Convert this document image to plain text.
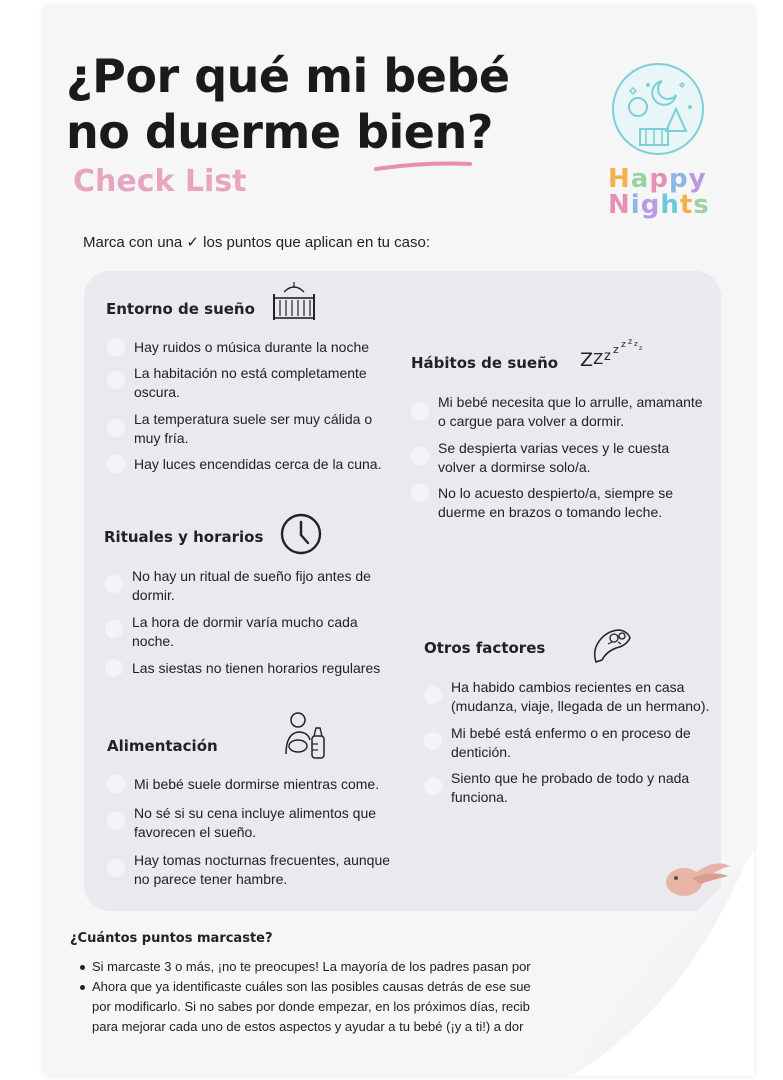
¿Por qué mi bebé
no duerme bien?
Check List	Happy
Nights
Marca con una ✓ los puntos que aplican en tu caso:
Entorno de sueño
Hay ruidos o música durante la noche
La habitación no está completamente
oscura.
La temperatura suele ser muy cálida o
muy fría.
Hay luces encendidas cerca de la cuna.
Hábitos de sueño Z Z z z z z z
z
Mi bebé necesita que lo arrulle, amamante
o cargue para volver a dormir.
Se despierta varias veces y le cuesta
volver a dormirse solo/a.
No lo acuesto despierto/a, siempre se
duerme en brazos o tomando leche.
Rituales y horarios
No hay un ritual de sueño fijo antes de
dormir.
La hora de dormir varía mucho cada
noche.
Las siestas no tienen horarios regulares
Otros factores
Ha habido cambios recientes en casa
(mudanza, viaje, llegada de un hermano).
Mi bebé está enfermo o en proceso de
dentición.
Siento que he probado de todo y nada
funciona.
Alimentación
Mi bebé suele dormirse mientras come.
No sé si su cena incluye alimentos que
favorecen el sueño.
Hay tomas nocturnas frecuentes, aunque
no parece tener hambre.
¿Cuántos puntos marcaste?
Si marcaste 3 o más, ¡no te preocupes! La mayoría de los padres pasan por
Ahora que ya identificaste cuáles son las posibles causas detrás de ese sue
por modificarlo. Si no sabes por donde empezar, en los próximos días, recib
para mejorar cada uno de estos aspectos y ayudar a tu bebé (¡y a ti!) a dor
